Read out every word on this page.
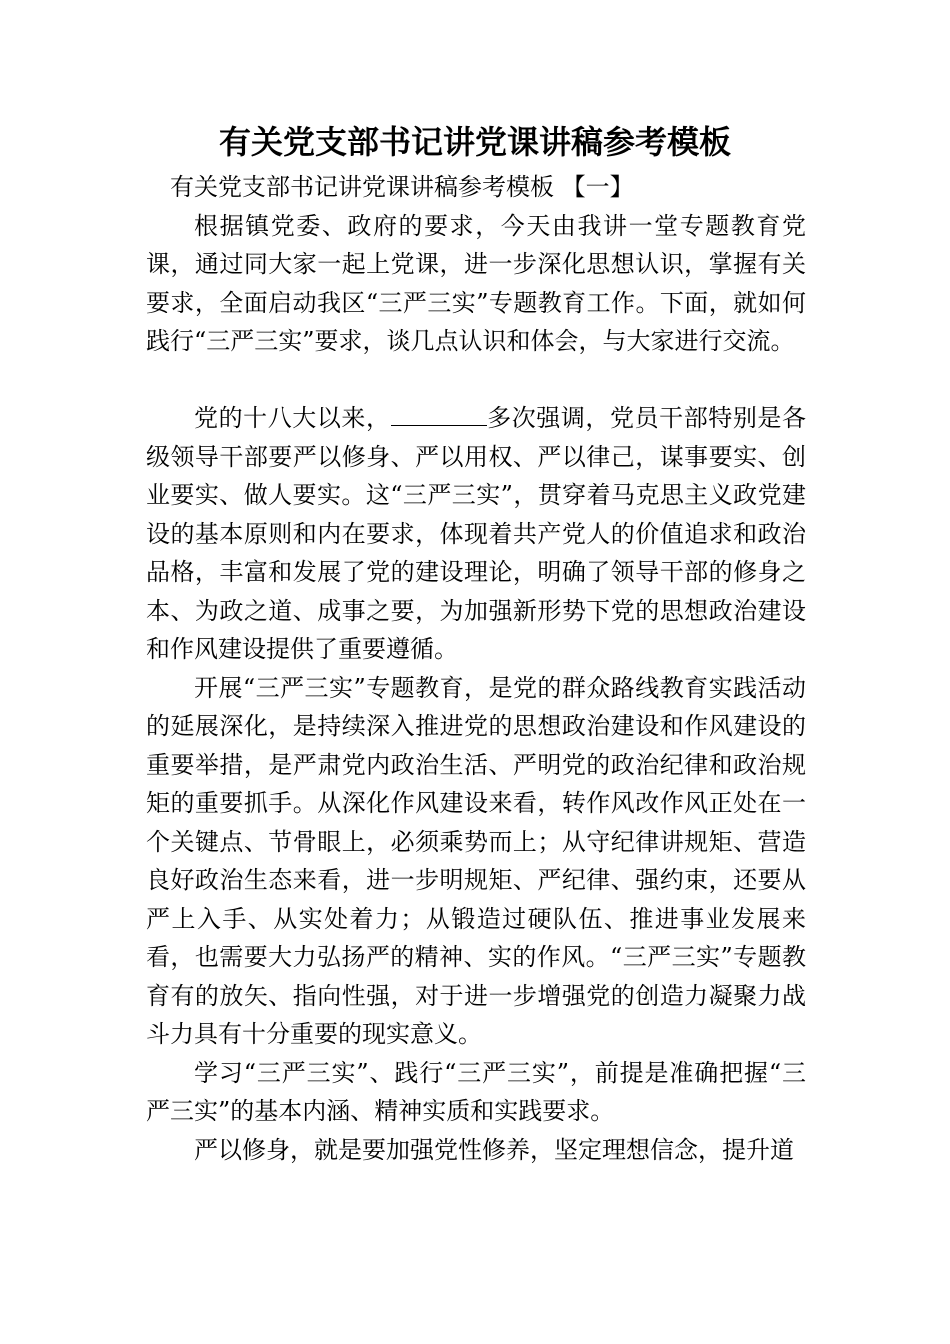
有关党支部书记讲党课讲稿参考模板

有关党支部书记讲党课讲稿参考模板 【一】

根据镇党委、政府的要求，今天由我讲一堂专题教育党课，通过同大家一起上党课，进一步深化思想认识，掌握有关要求，全面启动我区“三严三实”专题教育工作。下面，就如何践行“三严三实”要求，谈几点认识和体会，与大家进行交流。

党的十八大以来，	多次强调，党员干部特别是各级领导干部要严以修身、严以用权、严以律己，谋事要实、创业要实、做人要实。这“三严三实”，贯穿着马克思主义政党建设的基本原则和内在要求，体现着共产党人的价值追求和政治品格，丰富和发展了党的建设理论，明确了领导干部的修身之本、为政之道、成事之要，为加强新形势下党的思想政治建设和作风建设提供了重要遵循。

开展“三严三实”专题教育，是党的群众路线教育实践活动的延展深化，是持续深入推进党的思想政治建设和作风建设的重要举措，是严肃党内政治生活、严明党的政治纪律和政治规矩的重要抓手。从深化作风建设来看，转作风改作风正处在一个关键点、节骨眼上，必须乘势而上；从守纪律讲规矩、营造良好政治生态来看，进一步明规矩、严纪律、强约束，还要从严上入手、从实处着力；从锻造过硬队伍、推进事业发展来看，也需要大力弘扬严的精神、实的作风。“三严三实”专题教育有的放矢、指向性强，对于进一步增强党的创造力凝聚力战斗力具有十分重要的现实意义。

学习“三严三实”、践行“三严三实”，前提是准确把握“三严三实”的基本内涵、精神实质和实践要求。

严以修身，就是要加强党性修养，坚定理想信念，提升道
